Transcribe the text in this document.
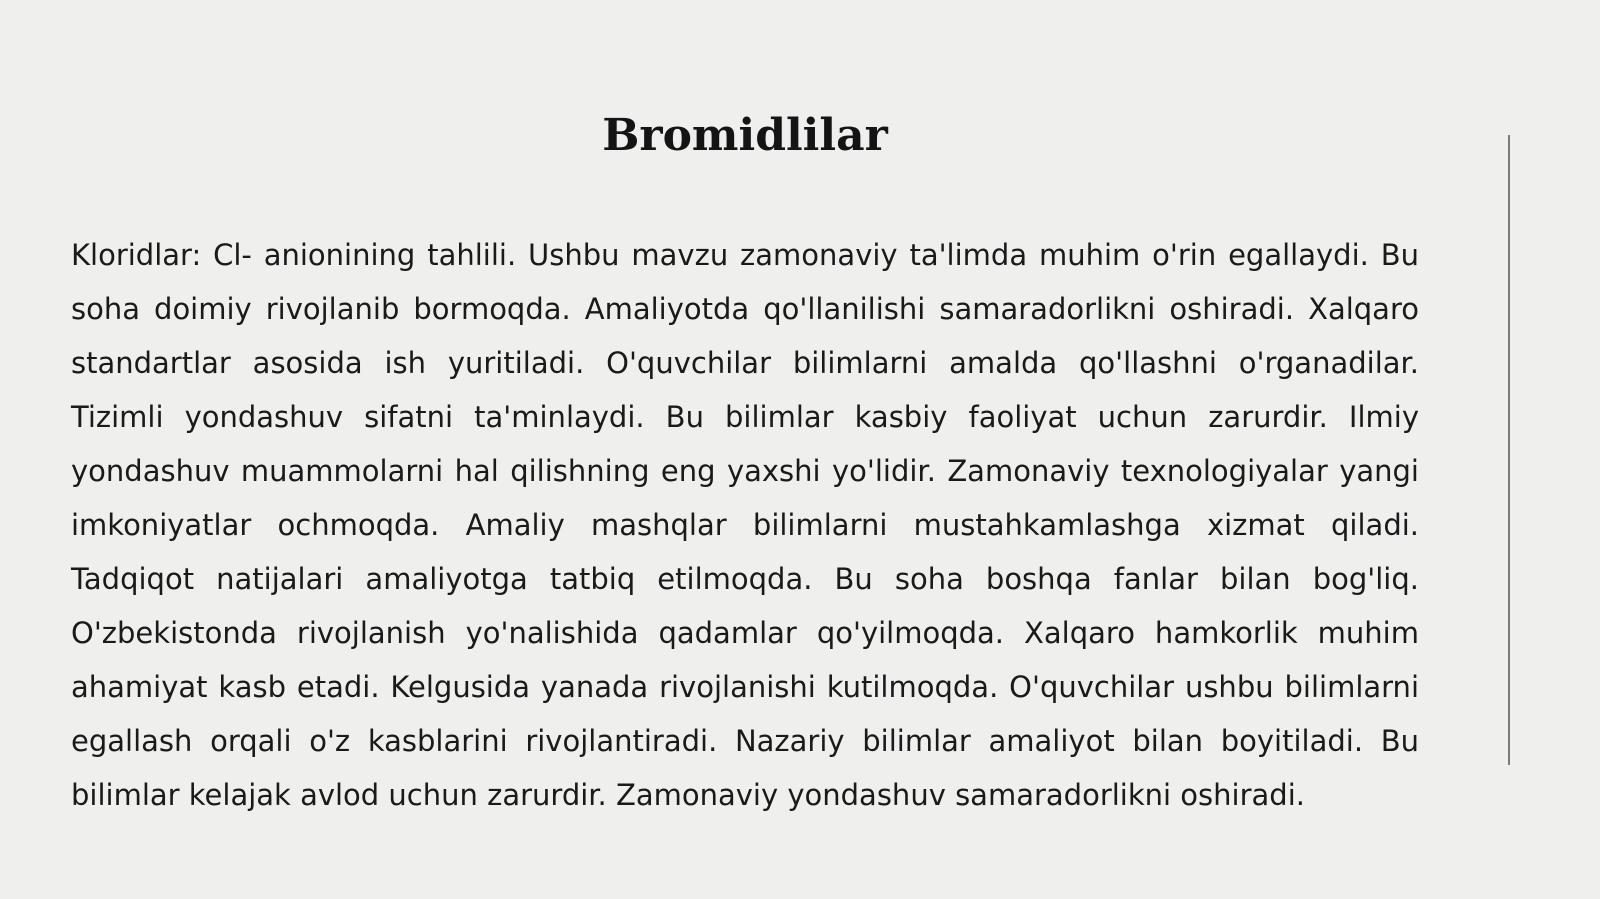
Bromidlilar

Kloridlar: Cl- anionining tahlili. Ushbu mavzu zamonaviy ta'limda muhim o'rin egallaydi. Bu soha doimiy rivojlanib bormoqda. Amaliyotda qo'llanilishi samaradorlikni oshiradi. Xalqaro standartlar asosida ish yuritiladi. O'quvchilar bilimlarni amalda qo'llashni o'rganadilar. Tizimli yondashuv sifatni ta'minlaydi. Bu bilimlar kasbiy faoliyat uchun zarurdir. Ilmiy yondashuv muammolarni hal qilishning eng yaxshi yo'lidir. Zamonaviy texnologiyalar yangi imkoniyatlar ochmoqda. Amaliy mashqlar bilimlarni mustahkamlashga xizmat qiladi. Tadqiqot natijalari amaliyotga tatbiq etilmoqda. Bu soha boshqa fanlar bilan bog'liq. O'zbekistonda rivojlanish yo'nalishida qadamlar qo'yilmoqda. Xalqaro hamkorlik muhim ahamiyat kasb etadi. Kelgusida yanada rivojlanishi kutilmoqda. O'quvchilar ushbu bilimlarni egallash orqali o'z kasblarini rivojlantiradi. Nazariy bilimlar amaliyot bilan boyitiladi. Bu bilimlar kelajak avlod uchun zarurdir. Zamonaviy yondashuv samaradorlikni oshiradi.
